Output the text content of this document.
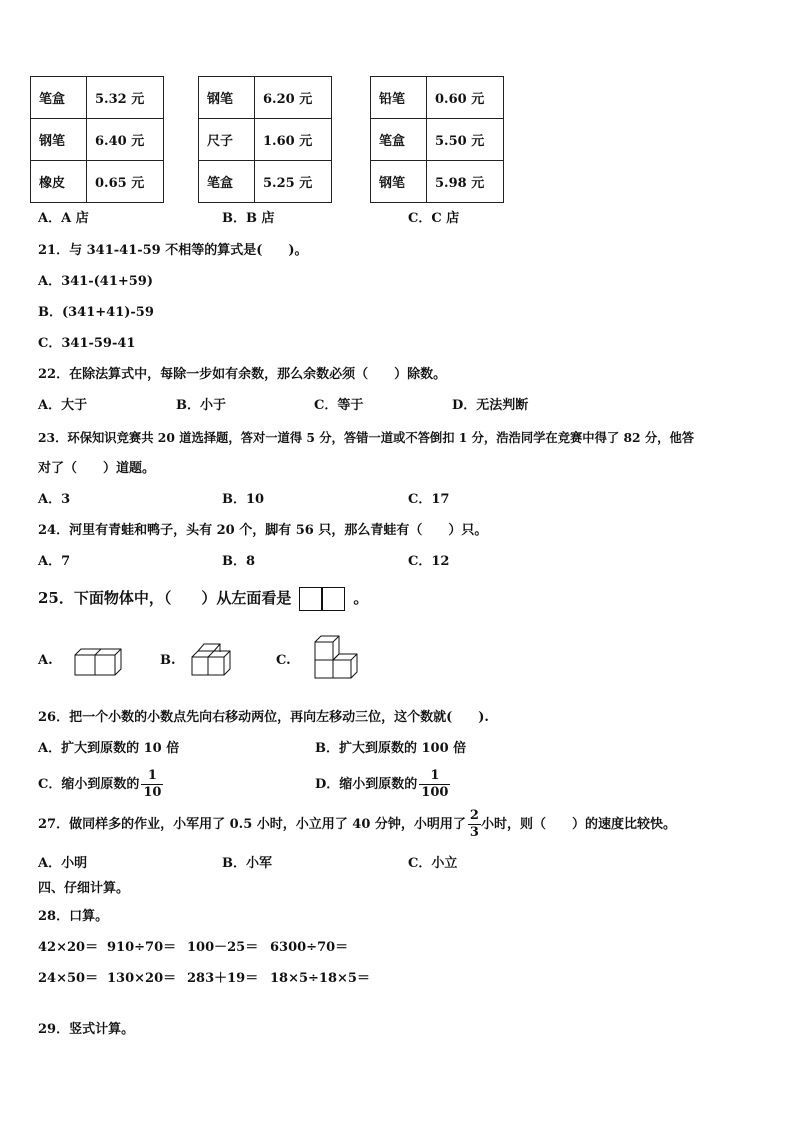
笔盒	5.32 元
钢笔	6.40 元
橡皮	0.65 元
钢笔	6.20 元
尺子	1.60 元
笔盒	5.25 元
铅笔	0.60 元
笔盒	5.50 元
钢笔	5.98 元
A．A 店	B．B 店	C．C 店
21．与 341-41-59 不相等的算式是(　　)。
A．341-(41+59)
B．(341+41)-59
C．341-59-41
22．在除法算式中，每除一步如有余数，那么余数必须（　　）除数。
A．大于	B．小于	C．等于	D．无法判断
23．环保知识竞赛共 20 道选择题，答对一道得 5 分，答错一道或不答倒扣 1 分，浩浩同学在竞赛中得了 82 分，他答
对了（　　）道题。
A．3	B．10	C．17
24．河里有青蛙和鸭子，头有 20 个，脚有 56 只，那么青蛙有（　　）只。
A．7	B．8	C．12
25．下面物体中，（　　）从左面看是	。
A.	B.	C.
26．把一个小数的小数点先向右移动两位，再向左移动三位，这个数就(　　).
A．扩大到原数的 10 倍	B．扩大到原数的 100 倍
C．缩小到原数的 $\frac{1}{10}$	D．缩小到原数的 $\frac{1}{100}$
27．做同样多的作业，小军用了 0.5 小时，小立用了 40 分钟，小明用了 $\frac{2}{3}$ 小时，则（　　）的速度比较快。
A．小明	B．小军	C．小立
四、仔细计算。
28．口算。
42×20＝ 910÷70＝ 100－25＝ 6300÷70＝
24×50＝ 130×20＝ 283＋19＝ 18×5÷18×5＝
29．竖式计算。
